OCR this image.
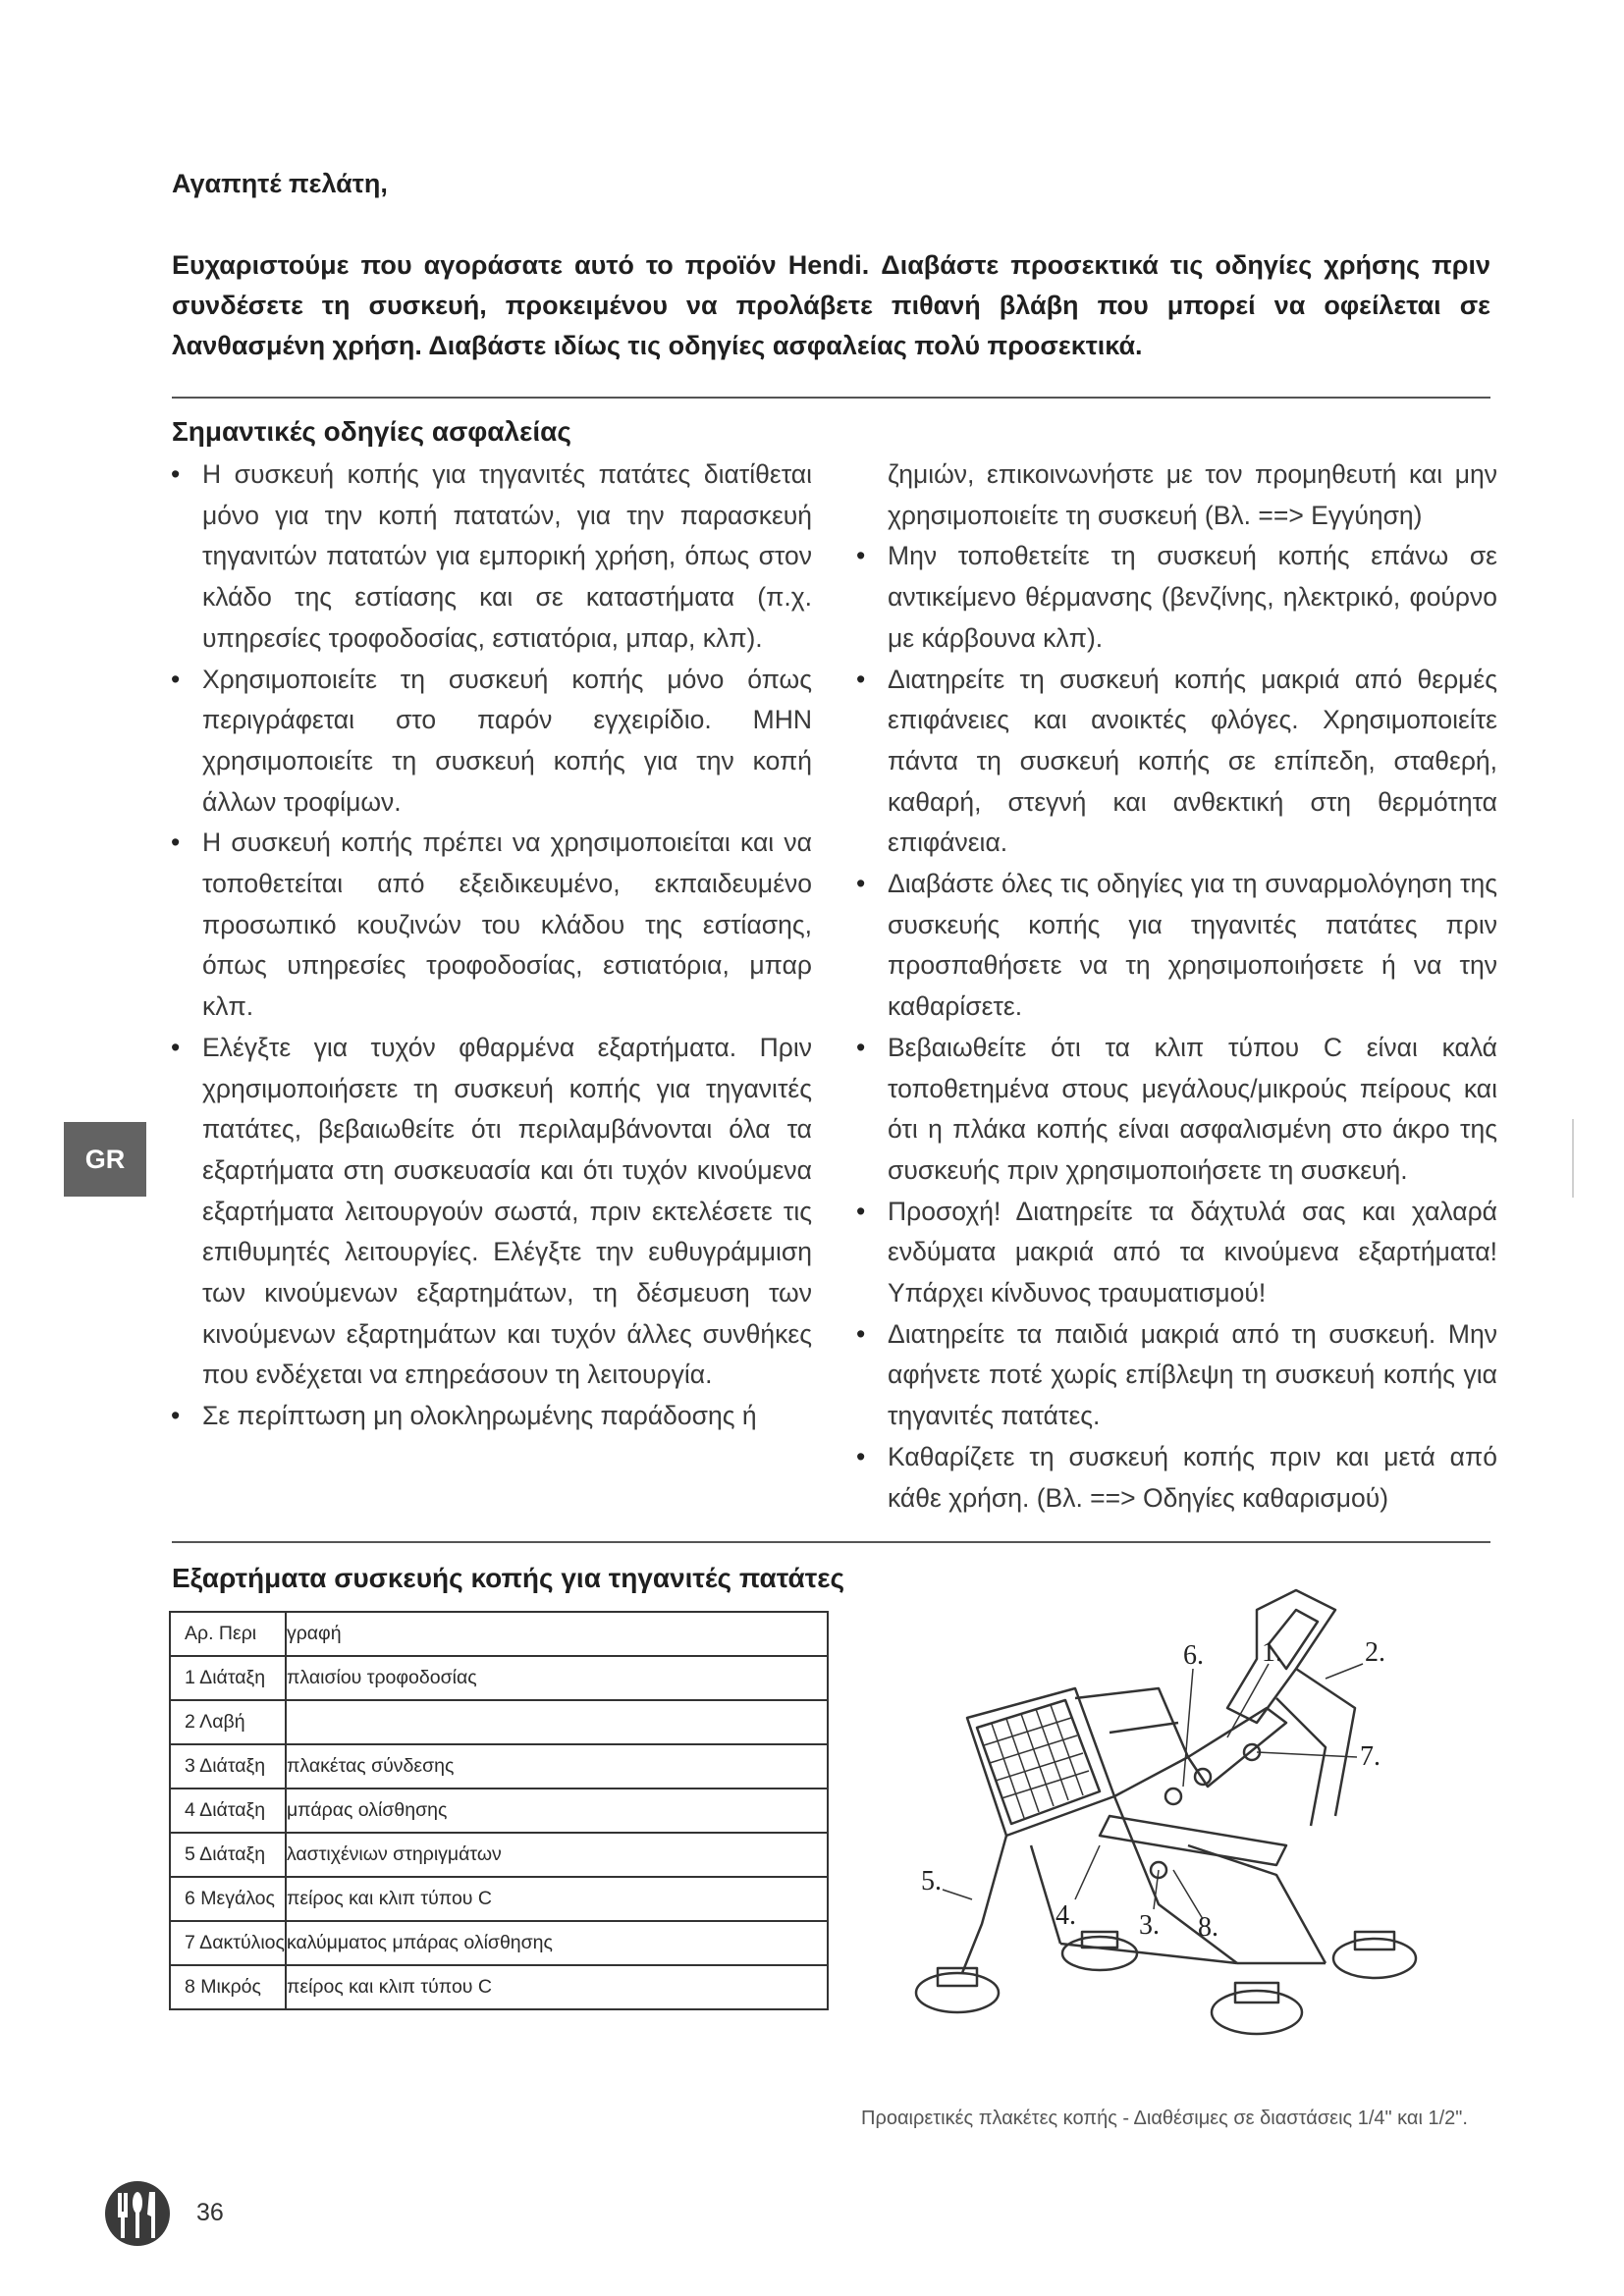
Αγαπητέ πελάτη,
Ευχαριστούμε που αγοράσατε αυτό το προϊόν Hendi. Διαβάστε προσεκτικά τις οδηγίες χρήσης πριν συνδέσετε τη συσκευή, προκειμένου να προλάβετε πιθανή βλάβη που μπορεί να οφείλεται σε λανθασμένη χρήση. Διαβάστε ιδίως τις οδηγίες ασφαλείας πολύ προσεκτικά.
Σημαντικές οδηγίες ασφαλείας
• Η συσκευή κοπής για τηγανιτές πατάτες διατίθεται μόνο για την κοπή πατατών, για την παρασκευή τηγανιτών πατατών για εμπορική χρήση, όπως στον κλάδο της εστίασης και σε καταστήματα (π.χ. υπηρεσίες τροφοδοσίας, εστιατόρια, μπαρ, κλπ).
• Χρησιμοποιείτε τη συσκευή κοπής μόνο όπως περιγράφεται στο παρόν εγχειρίδιο. ΜΗΝ χρησιμοποιείτε τη συσκευή κοπής για την κοπή άλλων τροφίμων.
• Η συσκευή κοπής πρέπει να χρησιμοποιείται και να τοποθετείται από εξειδικευμένο, εκπαιδευμένο προσωπικό κουζινών του κλάδου της εστίασης, όπως υπηρεσίες τροφοδοσίας, εστιατόρια, μπαρ κλπ.
• Ελέγξτε για τυχόν φθαρμένα εξαρτήματα. Πριν χρησιμοποιήσετε τη συσκευή κοπής για τηγανιτές πατάτες, βεβαιωθείτε ότι περιλαμβάνονται όλα τα εξαρτήματα στη συσκευασία και ότι τυχόν κινούμενα εξαρτήματα λειτουργούν σωστά, πριν εκτελέσετε τις επιθυμητές λειτουργίες. Ελέγξτε την ευθυγράμμιση των κινούμενων εξαρτημάτων, τη δέσμευση των κινούμενων εξαρτημάτων και τυχόν άλλες συνθήκες που ενδέχεται να επηρεάσουν τη λειτουργία.
• Σε περίπτωση μη ολοκληρωμένης παράδοσης ή

ζημιών, επικοινωνήστε με τον προμηθευτή και μην χρησιμοποιείτε τη συσκευή (Βλ. ==> Εγγύηση)

• Μην τοποθετείτε τη συσκευή κοπής επάνω σε αντικείμενο θέρμανσης (βενζίνης, ηλεκτρικό, φούρνο με κάρβουνα κλπ).
• Διατηρείτε τη συσκευή κοπής μακριά από θερμές επιφάνειες και ανοικτές φλόγες. Χρησιμοποιείτε πάντα τη συσκευή κοπής σε επίπεδη, σταθερή, καθαρή, στεγνή και ανθεκτική στη θερμότητα επιφάνεια.
• Διαβάστε όλες τις οδηγίες για τη συναρμολόγηση της συσκευής κοπής για τηγανιτές πατάτες πριν προσπαθήσετε να τη χρησιμοποιήσετε ή να την καθαρίσετε.
• Βεβαιωθείτε ότι τα κλιπ τύπου C είναι καλά τοποθετημένα στους μεγάλους/μικρούς πείρους και ότι η πλάκα κοπής είναι ασφαλισμένη στο άκρο της συσκευής πριν χρησιμοποιήσετε τη συσκευή.
• Προσοχή! Διατηρείτε τα δάχτυλά σας και χαλαρά ενδύματα μακριά από τα κινούμενα εξαρτήματα! Υπάρχει κίνδυνος τραυματισμού!
• Διατηρείτε τα παιδιά μακριά από τη συσκευή. Μην αφήνετε ποτέ χωρίς επίβλεψη τη συσκευή κοπής για τηγανιτές πατάτες.
• Καθαρίζετε τη συσκευή κοπής πριν και μετά από κάθε χρήση. (Βλ. ==> Οδηγίες καθαρισμού)
GR
Εξαρτήματα συσκευής κοπής για τηγανιτές πατάτες
Αρ. Περι	γραφή
1 Διάταξη	πλαισίου τροφοδοσίας
2 Λαβή	
3 Διάταξη	πλακέτας σύνδεσης
4 Διάταξη	μπάρας ολίσθησης
5 Διάταξη	λαστιχένιων στηριγμάτων
6 Μεγάλος	πείρος και κλιπ τύπου C
7 Δακτύλιος	καλύμματος μπάρας ολίσθησης
8 Μικρός	πείρος και κλιπ τύπου C
6. 1.	2.
7.
5.
4. 3. 8.
Προαιρετικές πλακέτες κοπής - Διαθέσιμες σε διαστάσεις 1/4" και 1/2".
36
